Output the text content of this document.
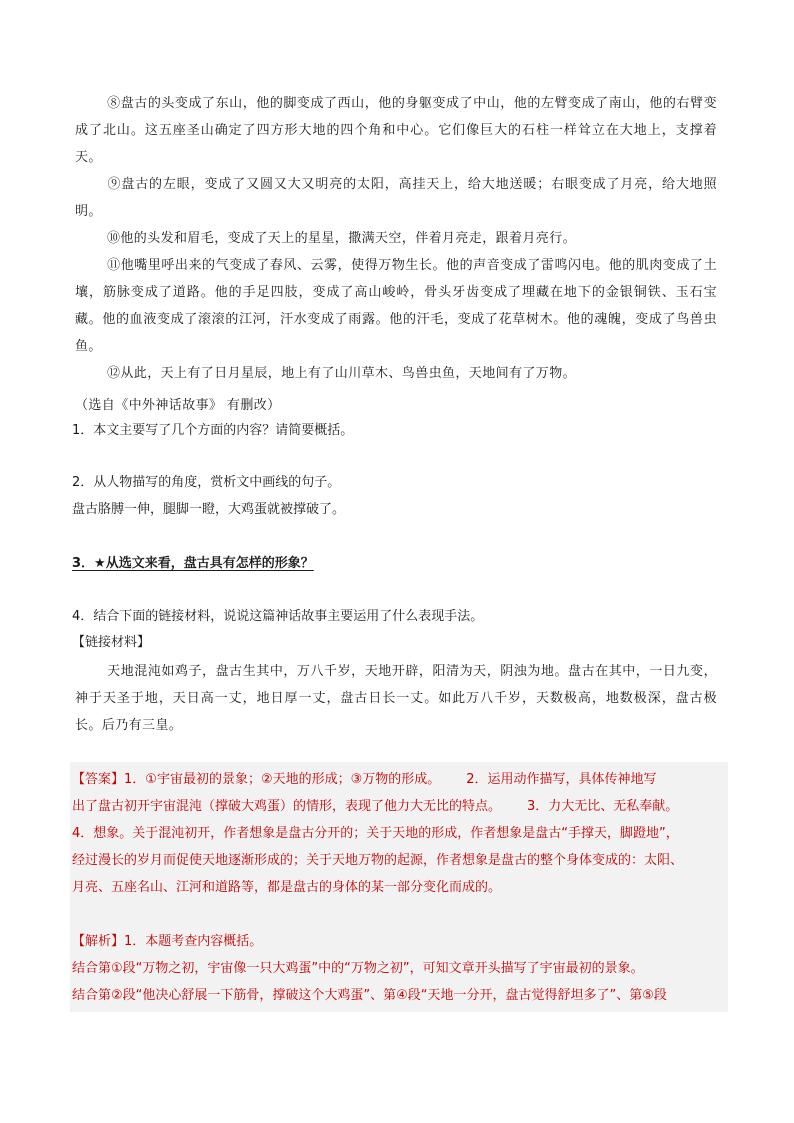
⑧盘古的头变成了东山，他的脚变成了西山，他的身躯变成了中山，他的左臂变成了南山，他的右臂变成了北山。这五座圣山确定了四方形大地的四个角和中心。它们像巨大的石柱一样耸立在大地上，支撑着天。

⑨盘古的左眼，变成了又圆又大又明亮的太阳，高挂天上，给大地送暖；右眼变成了月亮，给大地照明。

⑩他的头发和眉毛，变成了天上的星星，撒满天空，伴着月亮走，跟着月亮行。

⑪他嘴里呼出来的气变成了春风、云雾，使得万物生长。他的声音变成了雷鸣闪电。他的肌肉变成了土壤，筋脉变成了道路。他的手足四肢，变成了高山峻岭，骨头牙齿变成了埋藏在地下的金银铜铁、玉石宝藏。他的血液变成了滚滚的江河，汗水变成了雨露。他的汗毛，变成了花草树木。他的魂魄，变成了鸟兽虫鱼。

⑫从此，天上有了日月星辰，地上有了山川草木、鸟兽虫鱼，天地间有了万物。

（选自《中外神话故事》 有删改）

1．本文主要写了几个方面的内容？请简要概括。

2．从人物描写的角度，赏析文中画线的句子。

盘古胳膊一伸，腿脚一瞪，大鸡蛋就被撑破了。

3．★从选文来看，盘古具有怎样的形象？

4．结合下面的链接材料，说说这篇神话故事主要运用了什么表现手法。

【链接材料】

天地混沌如鸡子，盘古生其中，万八千岁，天地开辟，阳清为天，阴浊为地。盘古在其中，一日九变，神于天圣于地，天日高一丈，地日厚一丈，盘古日长一丈。如此万八千岁，天数极高，地数极深，盘古极长。后乃有三皇。

【答案】1．①宇宙最初的景象；②天地的形成；③万物的形成。 2．运用动作描写，具体传神地写

出了盘古初开宇宙混沌（撑破大鸡蛋）的情形，表现了他力大无比的特点。 3．力大无比、无私奉献。

4．想象。关于混沌初开，作者想象是盘古分开的；关于天地的形成，作者想象是盘古“手撑天，脚蹬地”，

经过漫长的岁月而促使天地逐渐形成的；关于天地万物的起源，作者想象是盘古的整个身体变成的：太阳、

月亮、五座名山、江河和道路等，都是盘古的身体的某一部分变化而成的。

【解析】1．本题考查内容概括。

结合第①段“万物之初，宇宙像一只大鸡蛋”中的“万物之初”，可知文章开头描写了宇宙最初的景象。

结合第②段“他决心舒展一下筋骨，撑破这个大鸡蛋”、第④段“天地一分开，盘古觉得舒坦多了”、第⑤段
